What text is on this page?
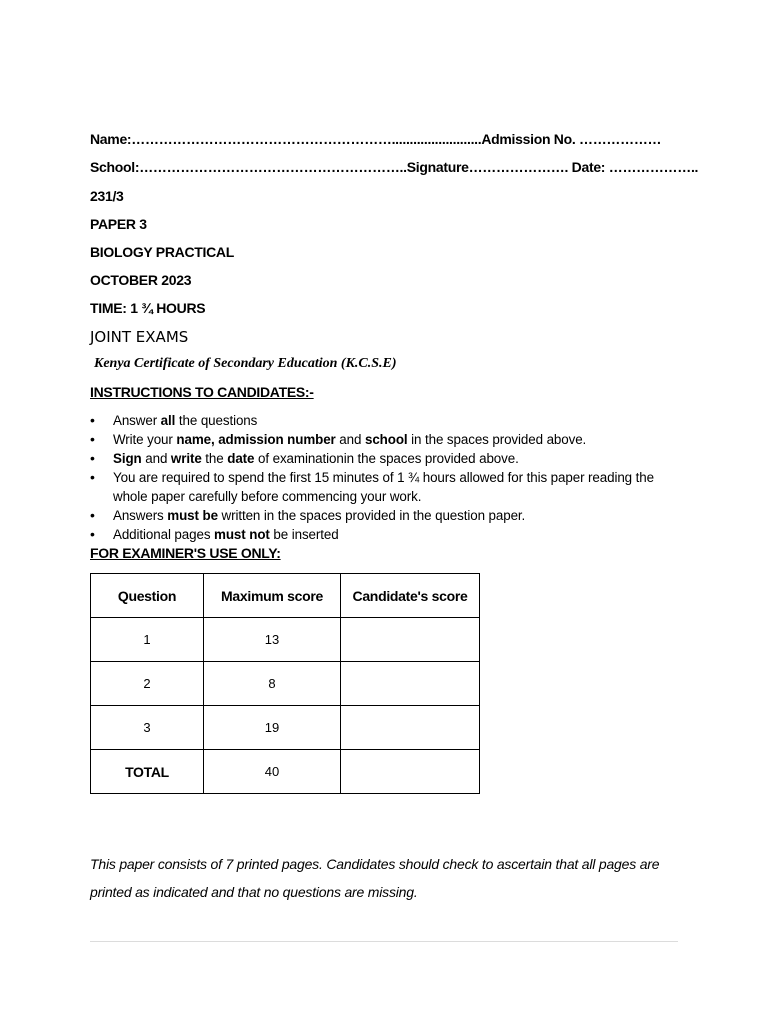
Name:………………………………………………….........................Admission No. ………………
School:…………………………………………………..Signature…………………. Date: ………………..
231/3
PAPER 3
BIOLOGY PRACTICAL
OCTOBER 2023
TIME: 1 ¾ HOURS
JOINT EXAMS
Kenya Certificate of Secondary Education (K.C.S.E)
INSTRUCTIONS TO CANDIDATES:-
• Answer all the questions
• Write your name, admission number and school in the spaces provided above.
• Sign and write the date of examinationin the spaces provided above.
• You are required to spend the first 15 minutes of 1 ¾ hours allowed for this paper reading the whole paper carefully before commencing your work.
• Answers must be written in the spaces provided in the question paper.
• Additional pages must not be inserted
FOR EXAMINER'S USE ONLY:
Question	Maximum score	Candidate's score
1	13	
2	8	
3	19	
TOTAL	40	
This paper consists of 7 printed pages. Candidates should check to ascertain that all pages are printed as indicated and that no questions are missing.
